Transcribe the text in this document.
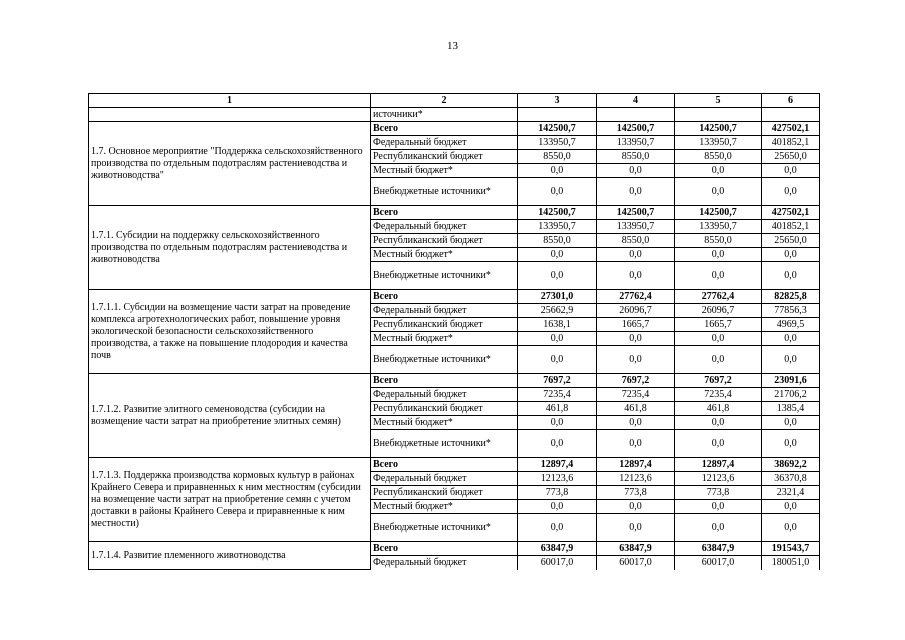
13
1	2	3	4	5	6
	источники*				
1.7. Основное мероприятие "Поддержка сельскохозяйственного производства по отдельным подотраслям растениеводства и животноводства"	Всего	142500,7	142500,7	142500,7	427502,1
	Федеральный бюджет	133950,7	133950,7	133950,7	401852,1
	Республиканский бюджет	8550,0	8550,0	8550,0	25650,0
	Местный бюджет*	0,0	0,0	0,0	0,0
	Внебюджетные источники*	0,0	0,0	0,0	0,0
1.7.1. Субсидии на поддержку сельскохозяйственного производства по отдельным подотраслям растениеводства и животноводства	Всего	142500,7	142500,7	142500,7	427502,1
	Федеральный бюджет	133950,7	133950,7	133950,7	401852,1
	Республиканский бюджет	8550,0	8550,0	8550,0	25650,0
	Местный бюджет*	0,0	0,0	0,0	0,0
	Внебюджетные источники*	0,0	0,0	0,0	0,0
1.7.1.1. Субсидии на возмещение части затрат на проведение комплекса агротехнологических работ, повышение уровня экологической безопасности сельскохозяйственного производства, а также на повышение плодородия и качества почв	Всего	27301,0	27762,4	27762,4	82825,8
	Федеральный бюджет	25662,9	26096,7	26096,7	77856,3
	Республиканский бюджет	1638,1	1665,7	1665,7	4969,5
	Местный бюджет*	0,0	0,0	0,0	0,0
	Внебюджетные источники*	0,0	0,0	0,0	0,0
1.7.1.2. Развитие элитного семеноводства (субсидии на возмещение части затрат на приобретение элитных семян)	Всего	7697,2	7697,2	7697,2	23091,6
	Федеральный бюджет	7235,4	7235,4	7235,4	21706,2
	Республиканский бюджет	461,8	461,8	461,8	1385,4
	Местный бюджет*	0,0	0,0	0,0	0,0
	Внебюджетные источники*	0,0	0,0	0,0	0,0
1.7.1.3. Поддержка производства кормовых культур в районах Крайнего Севера и приравненных к ним местностям (субсидии на возмещение части затрат на приобретение семян с учетом доставки в районы Крайнего Севера и приравненные к ним местности)	Всего	12897,4	12897,4	12897,4	38692,2
	Федеральный бюджет	12123,6	12123,6	12123,6	36370,8
	Республиканский бюджет	773,8	773,8	773,8	2321,4
	Местный бюджет*	0,0	0,0	0,0	0,0
	Внебюджетные источники*	0,0	0,0	0,0	0,0
1.7.1.4. Развитие племенного животноводства	Всего	63847,9	63847,9	63847,9	191543,7
	Федеральный бюджет	60017,0	60017,0	60017,0	180051,0
